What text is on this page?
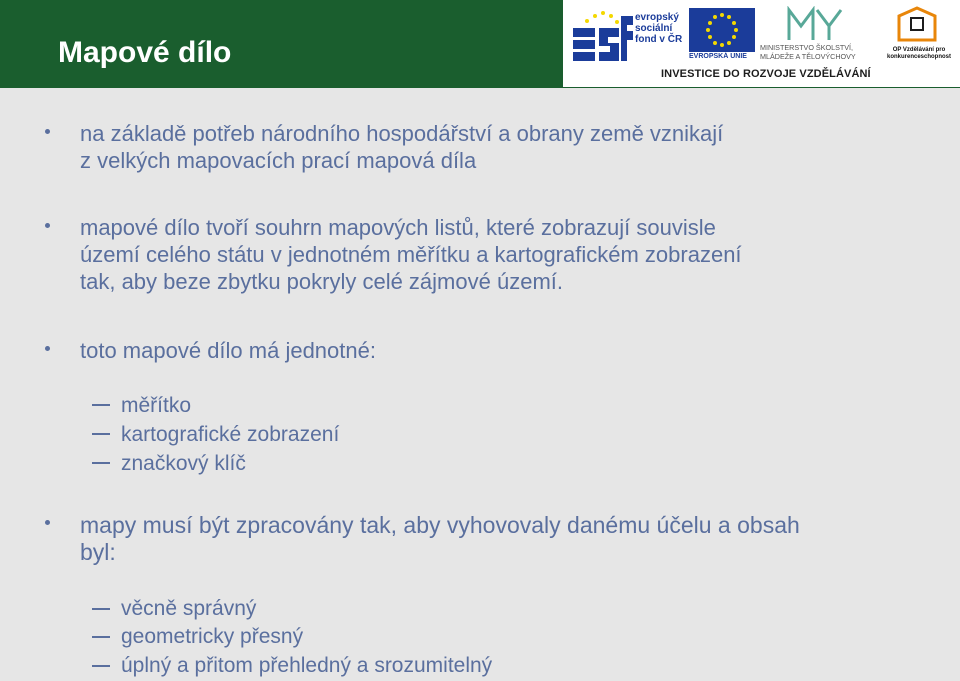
Mapové dílo
evropský sociální fond v ČR
EVROPSKÁ UNIE
MINISTERSTVO ŠKOLSTVÍ, MLÁDEŽE A TĚLOVÝCHOVY
OP Vzdělávání pro konkurenceschopnost
INVESTICE DO ROZVOJE VZDĚLÁVÁNÍ
na základě potřeb národního hospodářství a obrany země vznikají
z velkých mapovacích prací mapová díla
mapové dílo tvoří souhrn mapových listů, které zobrazují souvisle
území celého státu v jednotném měřítku a kartografickém zobrazení
tak, aby beze zbytku pokryly celé zájmové území.
toto mapové dílo má jednotné:
měřítko
kartografické zobrazení
značkový klíč
mapy musí být zpracovány tak, aby vyhovovaly danému účelu a obsah
byl:
věcně správný
geometricky přesný
úplný a přitom přehledný a srozumitelný
